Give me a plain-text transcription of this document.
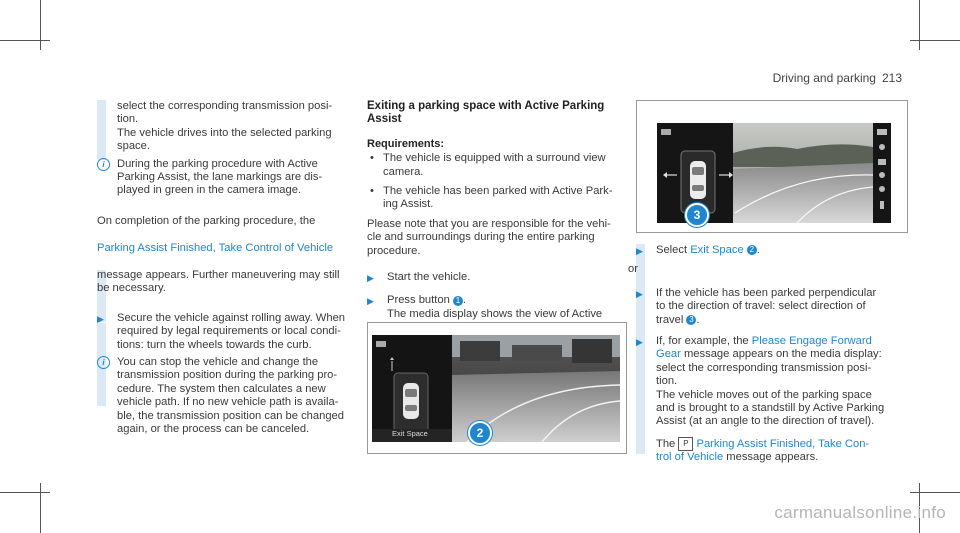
Driving and parking 213

select the corresponding transmission posi-
tion.
The vehicle drives into the selected parking
space.

i	During the parking procedure with Active
Parking Assist, the lane markings are dis-
played in green in the camera image.

On completion of the parking procedure, the

Parking Assist Finished, Take Control of Vehicle

message appears. Further maneuvering may still
be necessary.

▶ Secure the vehicle against rolling away. When
required by legal requirements or local condi-
tions: turn the wheels towards the curb.

i	You can stop the vehicle and change the
transmission position during the parking pro-
cedure. The system then calculates a new
vehicle path. If no new vehicle path is availa-
ble, the transmission position can be changed
again, or the process can be canceled.

Exiting a parking space with Active Parking Assist

Requirements:

• The vehicle is equipped with a surround view
camera.

• The vehicle has been parked with Active Park-
ing Assist.

Please note that you are responsible for the vehi-
cle and surroundings during the entire parking
procedure.

▶ Start the vehicle.

▶ Press button 1 .

The media display shows the view of Active

Exit Space	2
3
▶ Select Exit Space 2 .

or

▶ If the vehicle has been parked perpendicular
to the direction of travel: select direction of
travel 3 .

▶ If, for example, the Please Engage Forward
Gear message appears on the media display:
select the corresponding transmission posi-
tion.
The vehicle moves out of the parking space
and is brought to a standstill by Active Parking
Assist (at an angle to the direction of travel).

The P Parking Assist Finished, Take Con-
trol of Vehicle message appears.

carmanualsonline.info
